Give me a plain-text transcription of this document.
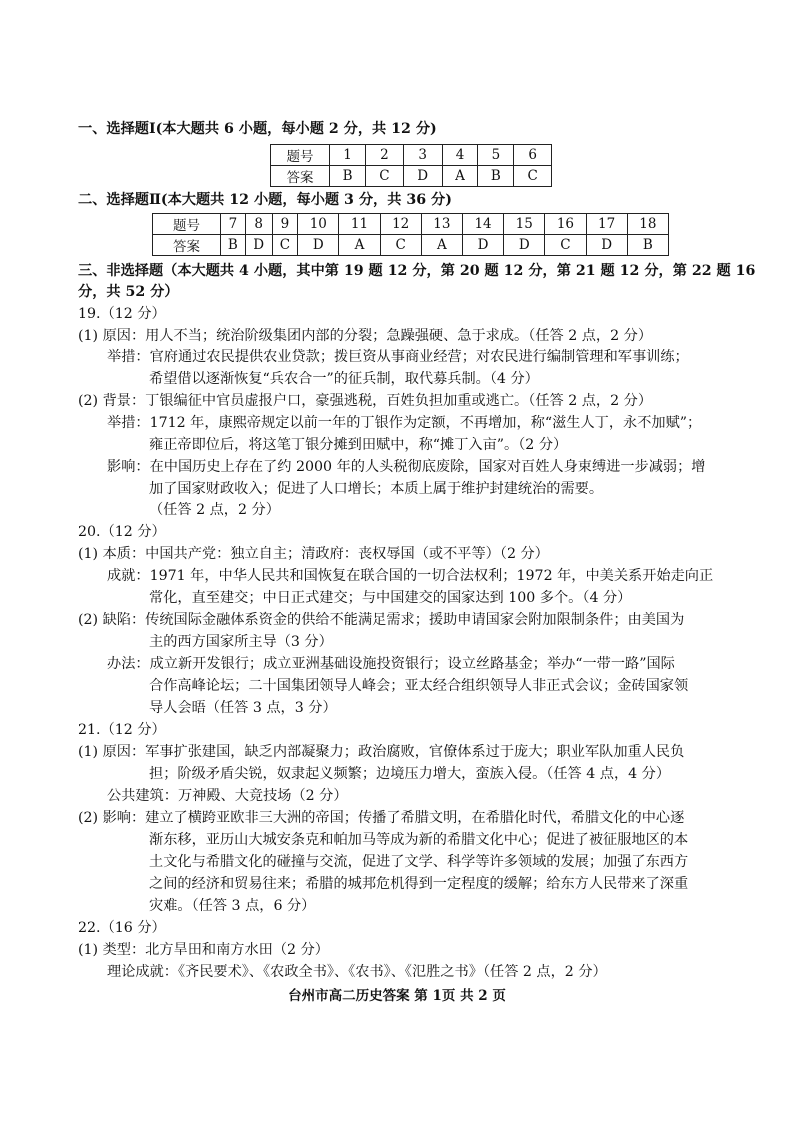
一、选择题Ⅰ(本大题共 6 小题，每小题 2 分，共 12 分)
题号	1	2	3	4	5	6
答案	B	C	D	A	B	C
二、选择题Ⅱ(本大题共 12 小题，每小题 3 分，共 36 分)
题号	7	8	9	10	11	12	13	14	15	16	17	18
答案	B	D	C	D	A	C	A	D	D	C	D	B
三、非选择题（本大题共 4 小题，其中第 19 题 12 分，第 20 题 12 分，第 21 题 12 分，第 22 题 16
分，共 52 分）
19.（12 分）
(1) 原因：用人不当；统治阶级集团内部的分裂；急躁强硬、急于求成。（任答 2 点，2 分）
举措：官府通过农民提供农业贷款；拨巨资从事商业经营；对农民进行编制管理和军事训练；
希望借以逐渐恢复“兵农合一”的征兵制，取代募兵制。（4 分）
(2) 背景：丁银编征中官员虚报户口，豪强逃税，百姓负担加重或逃亡。（任答 2 点，2 分）
举措：1712 年，康熙帝规定以前一年的丁银作为定额，不再增加，称“滋生人丁，永不加赋”；
雍正帝即位后，将这笔丁银分摊到田赋中，称“摊丁入亩”。（2 分）
影响：在中国历史上存在了约 2000 年的人头税彻底废除，国家对百姓人身束缚进一步减弱；增
加了国家财政收入；促进了人口增长；本质上属于维护封建统治的需要。
（任答 2 点，2 分）
20.（12 分）
(1) 本质：中国共产党：独立自主；清政府：丧权辱国（或不平等）（2 分）
成就：1971 年，中华人民共和国恢复在联合国的一切合法权利；1972 年，中美关系开始走向正
常化，直至建交；中日正式建交；与中国建交的国家达到 100 多个。（4 分）
(2) 缺陷：传统国际金融体系资金的供给不能满足需求；援助申请国家会附加限制条件；由美国为
主的西方国家所主导（3 分）
办法：成立新开发银行；成立亚洲基础设施投资银行；设立丝路基金；举办“一带一路”国际
合作高峰论坛；二十国集团领导人峰会；亚太经合组织领导人非正式会议；金砖国家领
导人会晤（任答 3 点，3 分）
21.（12 分）
(1) 原因：军事扩张建国，缺乏内部凝聚力；政治腐败，官僚体系过于庞大；职业军队加重人民负
担；阶级矛盾尖锐，奴隶起义频繁；边境压力增大，蛮族入侵。（任答 4 点，4 分）
公共建筑：万神殿、大竞技场（2 分）
(2) 影响：建立了横跨亚欧非三大洲的帝国；传播了希腊文明，在希腊化时代，希腊文化的中心逐
渐东移，亚历山大城安条克和帕加马等成为新的希腊文化中心；促进了被征服地区的本
土文化与希腊文化的碰撞与交流，促进了文学、科学等许多领域的发展；加强了东西方
之间的经济和贸易往来；希腊的城邦危机得到一定程度的缓解；给东方人民带来了深重
灾难。（任答 3 点，6 分）
22.（16 分）
(1) 类型：北方旱田和南方水田（2 分）
理论成就：《齐民要术》、《农政全书》、《农书》、《氾胜之书》（任答 2 点，2 分）
台州市高二历史答案 第 1页 共 2 页
